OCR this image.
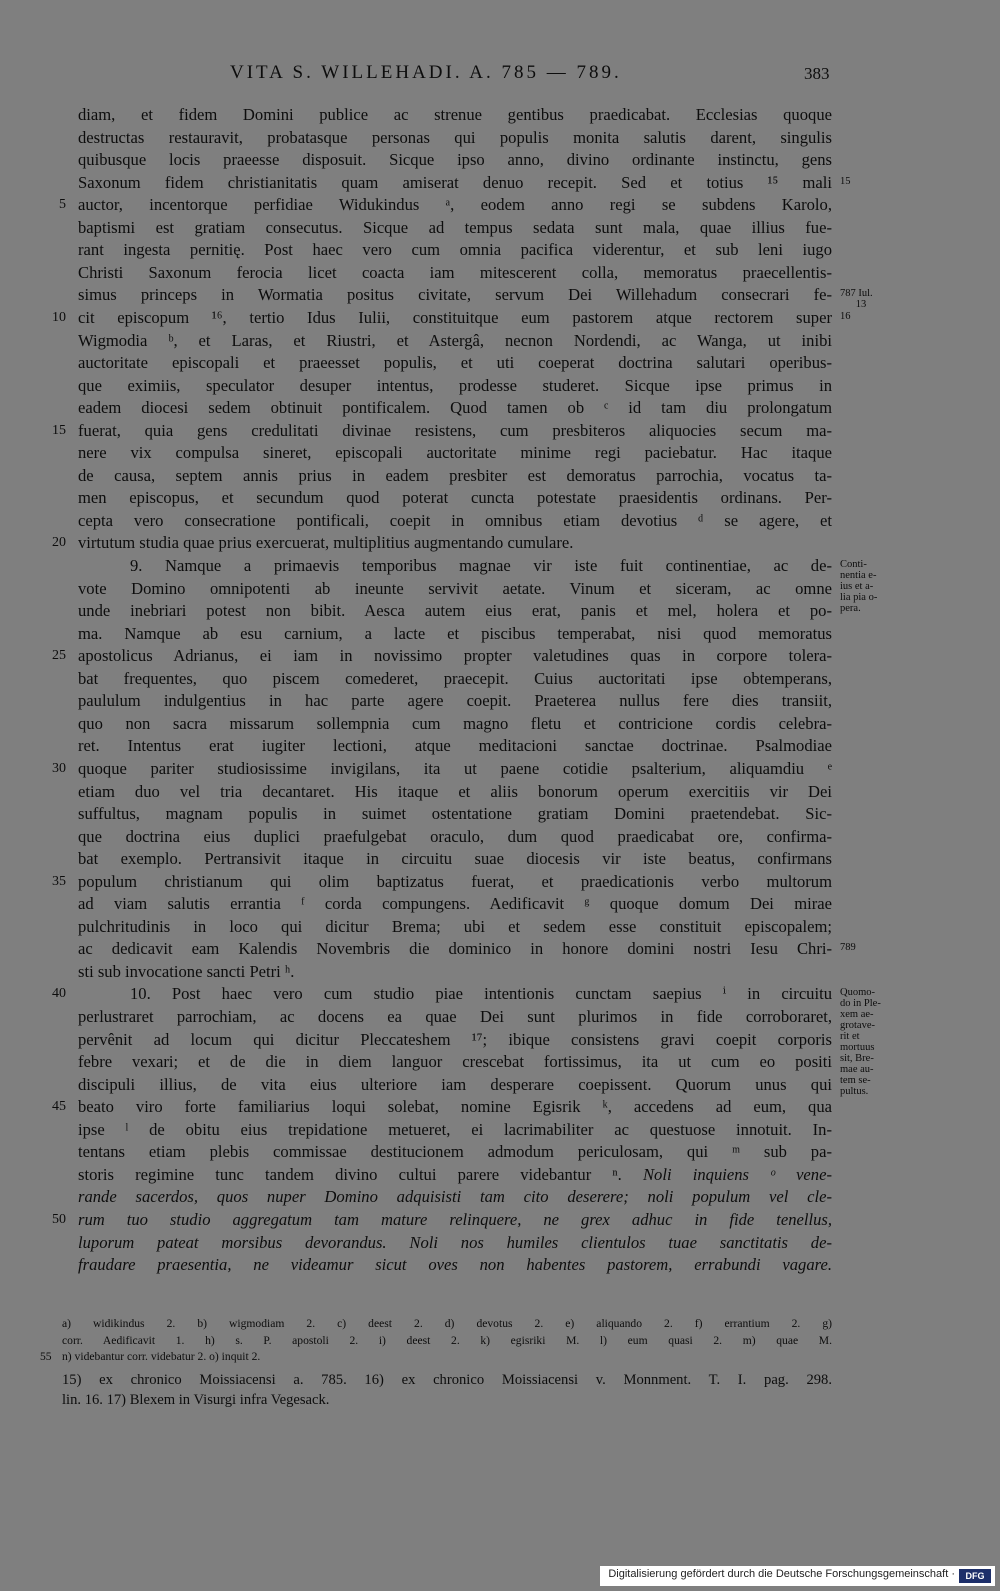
VITA S. WILLEHADI. A. 785 — 789.	383
diam, et fidem Domini publice ac strenue gentibus praedicabat. Ecclesias quoque
destructas restauravit, probatasque personas qui populis monita salutis darent, singulis
quibusque locis praeesse disposuit. Sicque ipso anno, divino ordinante instinctu, gens
Saxonum fidem christianitatis quam amiserat denuo recepit. Sed et totius ¹⁵ mali
auctor, incentorque perfidiae Widukindus ᵃ, eodem anno regi se subdens Karolo,
5
baptismi est gratiam consecutus. Sicque ad tempus sedata sunt mala, quae illius fue-
rant ingesta pernitię. Post haec vero cum omnia pacifica viderentur, et sub leni iugo
Christi Saxonum ferocia licet coacta iam mitescerent colla, memoratus praecellentis-
simus princeps in Wormatia positus civitate, servum Dei Willehadum consecrari fe-
cit episcopum ¹⁶, tertio Idus Iulii, constituitque eum pastorem atque rectorem super
10
Wigmodia ᵇ, et Laras, et Riustri, et Astergâ, necnon Nordendi, ac Wanga, ut inibi
auctoritate episcopali et praeesset populis, et uti coeperat doctrina salutari operibus-
que eximiis, speculator desuper intentus, prodesse studeret. Sicque ipse primus in
eadem diocesi sedem obtinuit pontificalem. Quod tamen ob ᶜ id tam diu prolongatum
fuerat, quia gens credulitati divinae resistens, cum presbiteros aliquocies secum ma-
15
nere vix compulsa sineret, episcopali auctoritate minime regi paciebatur. Hac itaque
de causa, septem annis prius in eadem presbiter est demoratus parrochia, vocatus ta-
men episcopus, et secundum quod poterat cuncta potestate praesidentis ordinans. Per-
cepta vero consecratione pontificali, coepit in omnibus etiam devotius ᵈ se agere, et
virtutum studia quae prius exercuerat, multiplitius augmentando cumulare.
20
9. Namque a primaevis temporibus magnae vir iste fuit continentiae, ac de-
vote Domino omnipotenti ab ineunte servivit aetate. Vinum et siceram, ac omne
unde inebriari potest non bibit. Aesca autem eius erat, panis et mel, holera et po-
ma. Namque ab esu carnium, a lacte et piscibus temperabat, nisi quod memoratus
apostolicus Adrianus, ei iam in novissimo propter valetudines quas in corpore tolera-
25
bat frequentes, quo piscem comederet, praecepit. Cuius auctoritati ipse obtemperans,
paululum indulgentius in hac parte agere coepit. Praeterea nullus fere dies transiit,
quo non sacra missarum sollempnia cum magno fletu et contricione cordis celebra-
ret. Intentus erat iugiter lectioni, atque meditacioni sanctae doctrinae. Psalmodiae
quoque pariter studiosissime invigilans, ita ut paene cotidie psalterium, aliquamdiu ᵉ
30
etiam duo vel tria decantaret. His itaque et aliis bonorum operum exercitiis vir Dei
suffultus, magnam populis in suimet ostentatione gratiam Domini praetendebat. Sic-
que doctrina eius duplici praefulgebat oraculo, dum quod praedicabat ore, confirma-
bat exemplo. Pertransivit itaque in circuitu suae diocesis vir iste beatus, confirmans
populum christianum qui olim baptizatus fuerat, et praedicationis verbo multorum
35
ad viam salutis errantia ᶠ corda compungens. Aedificavit ᵍ quoque domum Dei mirae
pulchritudinis in loco qui dicitur Brema; ubi et sedem esse constituit episcopalem;
ac dedicavit eam Kalendis Novembris die dominico in honore domini nostri Iesu Chri-
sti sub invocatione sancti Petri ʰ.
10. Post haec vero cum studio piae intentionis cunctam saepius ⁱ in circuitu
40
perlustraret parrochiam, ac docens ea quae Dei sunt plurimos in fide corroboraret,
pervênit ad locum qui dicitur Pleccateshem ¹⁷; ibique consistens gravi coepit corporis
febre vexari; et de die in diem languor crescebat fortissimus, ita ut cum eo positi
discipuli illius, de vita eius ulteriore iam desperare coepissent. Quorum unus qui
beato viro forte familiarius loqui solebat, nomine Egisrik ᵏ, accedens ad eum, qua
45
ipse ˡ de obitu eius trepidatione metueret, ei lacrimabiliter ac questuose innotuit. In-
tentans etiam plebis commissae destitucionem admodum periculosam, qui ᵐ sub pa-
storis regimine tunc tandem divino cultui parere videbantur ⁿ. Noli inquiens ᵒ vene-
rande sacerdos, quos nuper Domino adquisisti tam cito deserere; noli populum vel cle-
rum tuo studio aggregatum tam mature relinquere, ne grex adhuc in fide tenellus,
50
luporum pateat morsibus devorandus. Noli nos humiles clientulos tuae sanctitatis de-
fraudare praesentia, ne videamur sicut oves non habentes pastorem, errabundi vagare.
15
787 Iul.
13
16
Conti-
nentia e-
ius et a-
lia pia o-
pera.
789
Quomo-
do in Ple-
xem ae-
grotave-
rit et
mortuus
sit, Bre-
mae au-
tem se-
pultus.
a) widikindus 2. b) wigmodiam 2. c) deest 2. d) devotus 2. e) aliquando 2. f) errantium 2. g)
corr. Aedificavit 1. h) s. P. apostoli 2. i) deest 2. k) egisriki M. l) eum quasi 2. m) quae M.
n) videbantur corr. videbatur 2. o) inquit 2.
55
15) ex chronico Moissiacensi a. 785. 16) ex chronico Moissiacensi v. Monnment. T. I. pag. 298.
lin. 16. 17) Blexem in Visurgi infra Vegesack.
Digitalisierung gefördert durch die Deutsche Forschungsgemeinschaft ·	DFG
